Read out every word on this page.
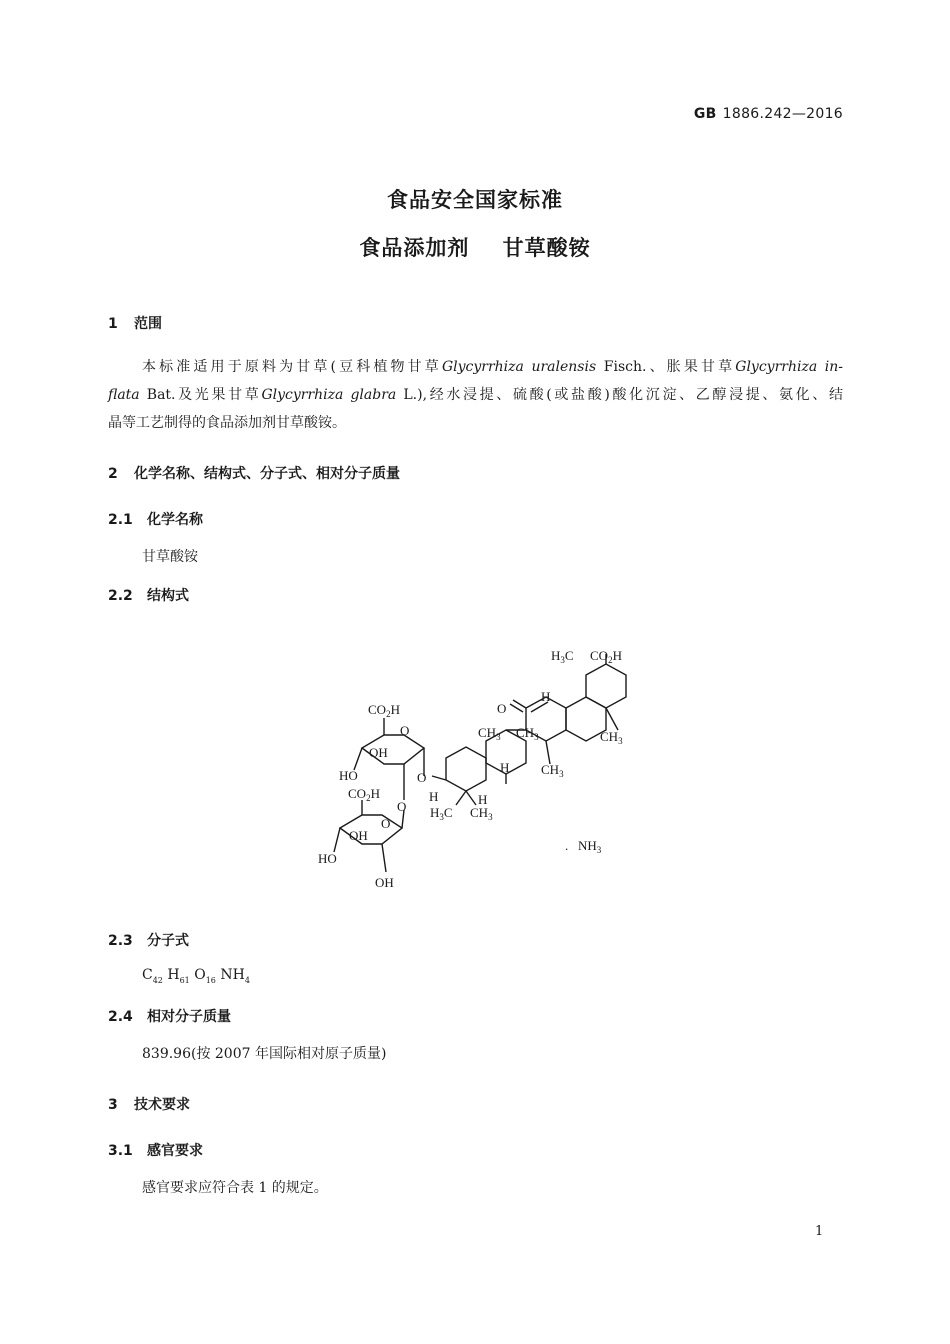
GB 1886.242—2016
食品安全国家标准
食品添加剂    甘草酸铵
1 范围
本标准适用于原料为甘草(豆科植物甘草Glycyrrhiza uralensis Fisch.、胀果甘草Glycyrrhiza in-
flata Bat.及光果甘草Glycyrrhiza glabra L.),经水浸提、硫酸(或盐酸)酸化沉淀、乙醇浸提、氨化、结
晶等工艺制得的食品添加剂甘草酸铵。
2 化学名称、结构式、分子式、相对分子质量
2.1 化学名称
甘草酸铵
2.2 结构式
$H_3C$ $CO_2H$
H
O
$CH_3$ $CH_3$	$CH_3$
$CH_3$
H
H	H
$H_3C$ $CH_3$
$CO_2H$
O
OH
HO	O
O
$CO_2H$
OH
O
HO
OH
. $NH_3$
2.3 分子式
$C_{42}$ $H_{61}$ $O_{16}$ $NH_4$
2.4 相对分子质量
839.96(按 2007 年国际相对原子质量)
3 技术要求
3.1 感官要求
感官要求应符合表 1 的规定。
1
